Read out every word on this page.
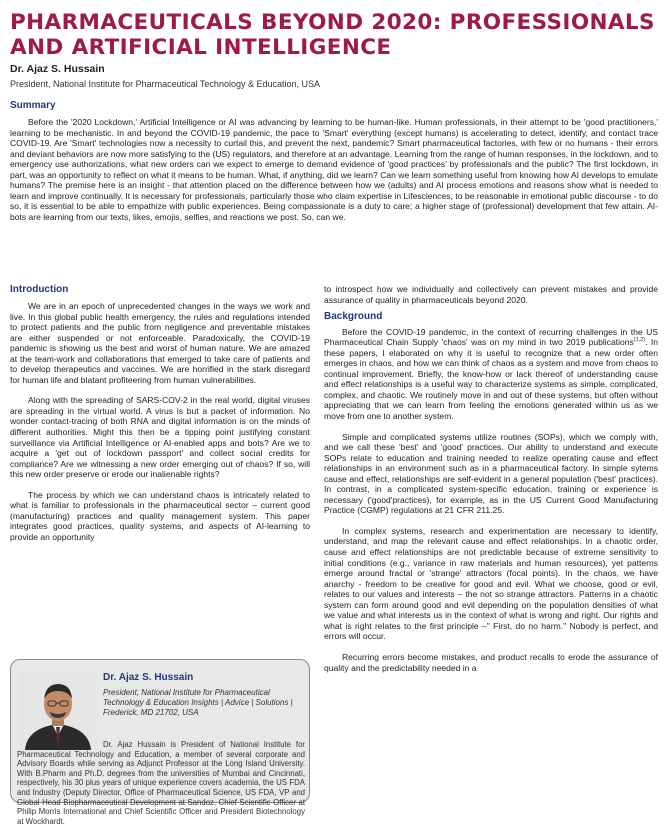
PHARMACEUTICALS BEYOND 2020: PROFESSIONALS AND ARTIFICIAL INTELLIGENCE
Dr. Ajaz S. Hussain
President, National Institute for Pharmaceutical Technology & Education, USA
Summary
Before the '2020 Lockdown,' Artificial Intelligence or AI was advancing by learning to be human-like. Human professionals, in their attempt to be 'good practitioners,' learning to be mechanistic. In and beyond the COVID-19 pandemic, the pace to 'Smart' everything (except humans) is accelerating to detect, identify, and contact trace COVID-19. Are 'Smart' technologies now a necessity to curtail this, and prevent the next, pandemic? Smart pharmaceutical factories, with few or no humans - their errors and deviant behaviors are now more satisfying to the (US) regulators, and therefore at an advantage. Learning from the range of human responses, in the lockdown, and to emergency use authorizations, what new orders can we expect to emerge to demand evidence of 'good practices' by professionals and the public? The first lockdown, in part, was an opportunity to reflect on what it means to be human. What, if anything, did we learn? Can we learn something useful from knowing how AI develops to emulate humans? The premise here is an insight - that attention placed on the difference between how we (adults) and AI process emotions and reasons show what is needed to learn and improve continually. It is necessary for professionals, particularly those who claim expertise in Lifesciences, to be reasonable in emotional public discourse - to do so, it is essential to be able to empathize with public experiences. Being compassionate is a duty to care; a higher stage of (professional) development that few attain. AI-bots are learning from our texts, likes, emojis, selfies, and reactions we post. So, can we.
Introduction

We are in an epoch of unprecedented changes in the ways we work and live. In this global public health emergency, the rules and regulations intended to protect patients and the public from negligence and preventable mistakes are either suspended or not enforceable. Paradoxically, the COVID-19 pandemic is showing us the best and worst of human nature. We are amazed at the team-work and collaborations that emerged to take care of patients and to develop therapeutics and vaccines. We are horrified in the stark disregard for human life and blatant profiteering from human vulnerabilities.

Along with the spreading of SARS-COV-2 in the real world, digital viruses are spreading in the virtual world. A virus is but a packet of information. No wonder contact-tracing of both RNA and digital information is on the minds of different authorities. Might this then be a tipping point justifying constant surveillance via Artificial Intelligence or AI-enabled apps and bots? Are we to acquire a 'get out of lockdown passport' and collect social credits for compliance? Are we witnessing a new order emerging out of chaos? If so, will this new order preserve or erode our inalienable rights?

The process by which we can understand chaos is intricately related to what is familiar to professionals in the pharmaceutical sector – current good (manufacturing) practices and quality management system. This paper integrates good practices, quality systems, and aspects of AI-learning to provide an opportunity

to introspect how we individually and collectively can prevent mistakes and provide assurance of quality in pharmaceuticals beyond 2020.

Background

Before the COVID-19 pandemic, in the context of recurring challenges in the US Pharmaceutical Chain Supply 'chaos' was on my mind in two 2019 publications$^{(1,2)}$. In these papers, I elaborated on why it is useful to recognize that a new order often emerges in chaos, and how we can think of chaos as a system and move from chaos to continual improvement. Briefly, the know-how or lack thereof of understanding cause and effect relationships is a useful way to characterize systems as simple, complicated, complex, and chaotic. We routinely move in and out of these systems, but often without appreciating that we can learn from feeling the emotions generated within us as we move from one to another system.

Simple and complicated systems utilize routines (SOPs), which we comply with, and we call these 'best' and 'good' practices. Our ability to understand and execute SOPs relate to education and training needed to realize operating cause and effect relationships in an environment such as in a pharmaceutical factory. In simple sytems cause and effect, relationships are self-evident in a general population ('best' practices). In contrast, in a complicated system-specific education, training or experience is necessary ('good'practices), for example, as in the US Current Good Manufacturing Practice (CGMP) regulations at 21 CFR 211.25.

In complex systems, research and experimentation are necessary to identify, understand, and map the relevant cause and effect relationships. In a chaotic order, cause and effect relationships are not predictable because of extreme sensitivity to initial conditions (e.g., variance in raw materials and human resources), yet patterns emerge around fractal or 'strange' attractors (focal points). In the chaos, we have anarchy - freedom to be creative for good and evil. What we choose, good or evil, relates to our values and interests – the not so strange attractors. Patterns in a chaotic system can form around good and evil depending on the population densities of what we value and what interests us in the context of what is wrong and right. Our rights and what is right relates to the first principle –" First, do no harm." Nobody is perfect, and errors will occur.

Recurring errors become mistakes, and product recalls to erode the assurance of quality and the predictability needed in a

Dr. Ajaz S. Hussain
President, National Institute for Pharmaceutical Technology & Education Insights | Advice | Solutions | Frederick, MD 21702, USA
Dr. Ajaz Hussain is President of National Institute for Pharmaceutical Technology and Education, a member of several corporate and Advisory Boards while serving as Adjunct Professor at the Long Island University. With B.Pharm and Ph.D. degrees from the universities of Mumbai and Cincinnati, respectively, his 30 plus years of unique experience covers academia, the US FDA and Industry (Deputy Director, Office of Pharmaceutical Science, US FDA, VP and Global Head Biopharmaceutical Development at Sandoz, Chief Scientific Officer at Philip Morris International and Chief Scientific Officer and President Biotechnology at Wockhardt.
